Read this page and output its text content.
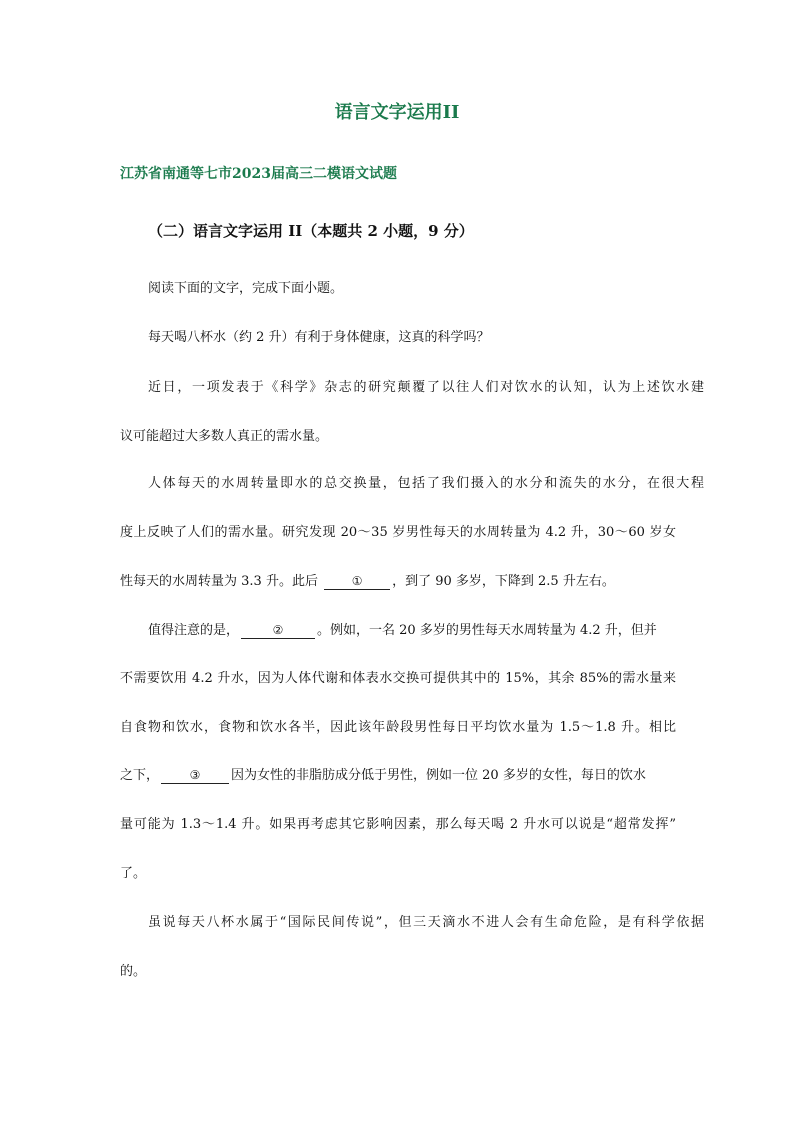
语言文字运用II
江苏省南通等七市2023届高三二模语文试题
（二）语言文字运用 II（本题共 2 小题，9 分）
阅读下面的文字，完成下面小题。
每天喝八杯水（约 2 升）有利于身体健康，这真的科学吗？
近日，一项发表于《科学》杂志的研究颠覆了以往人们对饮水的认知，认为上述饮水建
议可能超过大多数人真正的需水量。
人体每天的水周转量即水的总交换量，包括了我们摄入的水分和流失的水分，在很大程
度上反映了人们的需水量。研究发现 20～35 岁男性每天的水周转量为 4.2 升，30～60 岁女
性每天的水周转量为 3.3 升。此后	① ，到了 90 多岁，下降到 2.5 升左右。
值得注意的是，	②	。例如，一名 20 多岁的男性每天水周转量为 4.2 升，但并
不需要饮用 4.2 升水，因为人体代谢和体表水交换可提供其中的 15%，其余 85%的需水量来
自食物和饮水，食物和饮水各半，因此该年龄段男性每日平均饮水量为 1.5～1.8 升。相比
之下，	③ 因为女性的非脂肪成分低于男性，例如一位 20 多岁的女性，每日的饮水
量可能为 1.3～1.4 升。如果再考虑其它影响因素，那么每天喝 2 升水可以说是“超常发挥”
了。
虽说每天八杯水属于“国际民间传说”，但三天滴水不进人会有生命危险，是有科学依据
的。
